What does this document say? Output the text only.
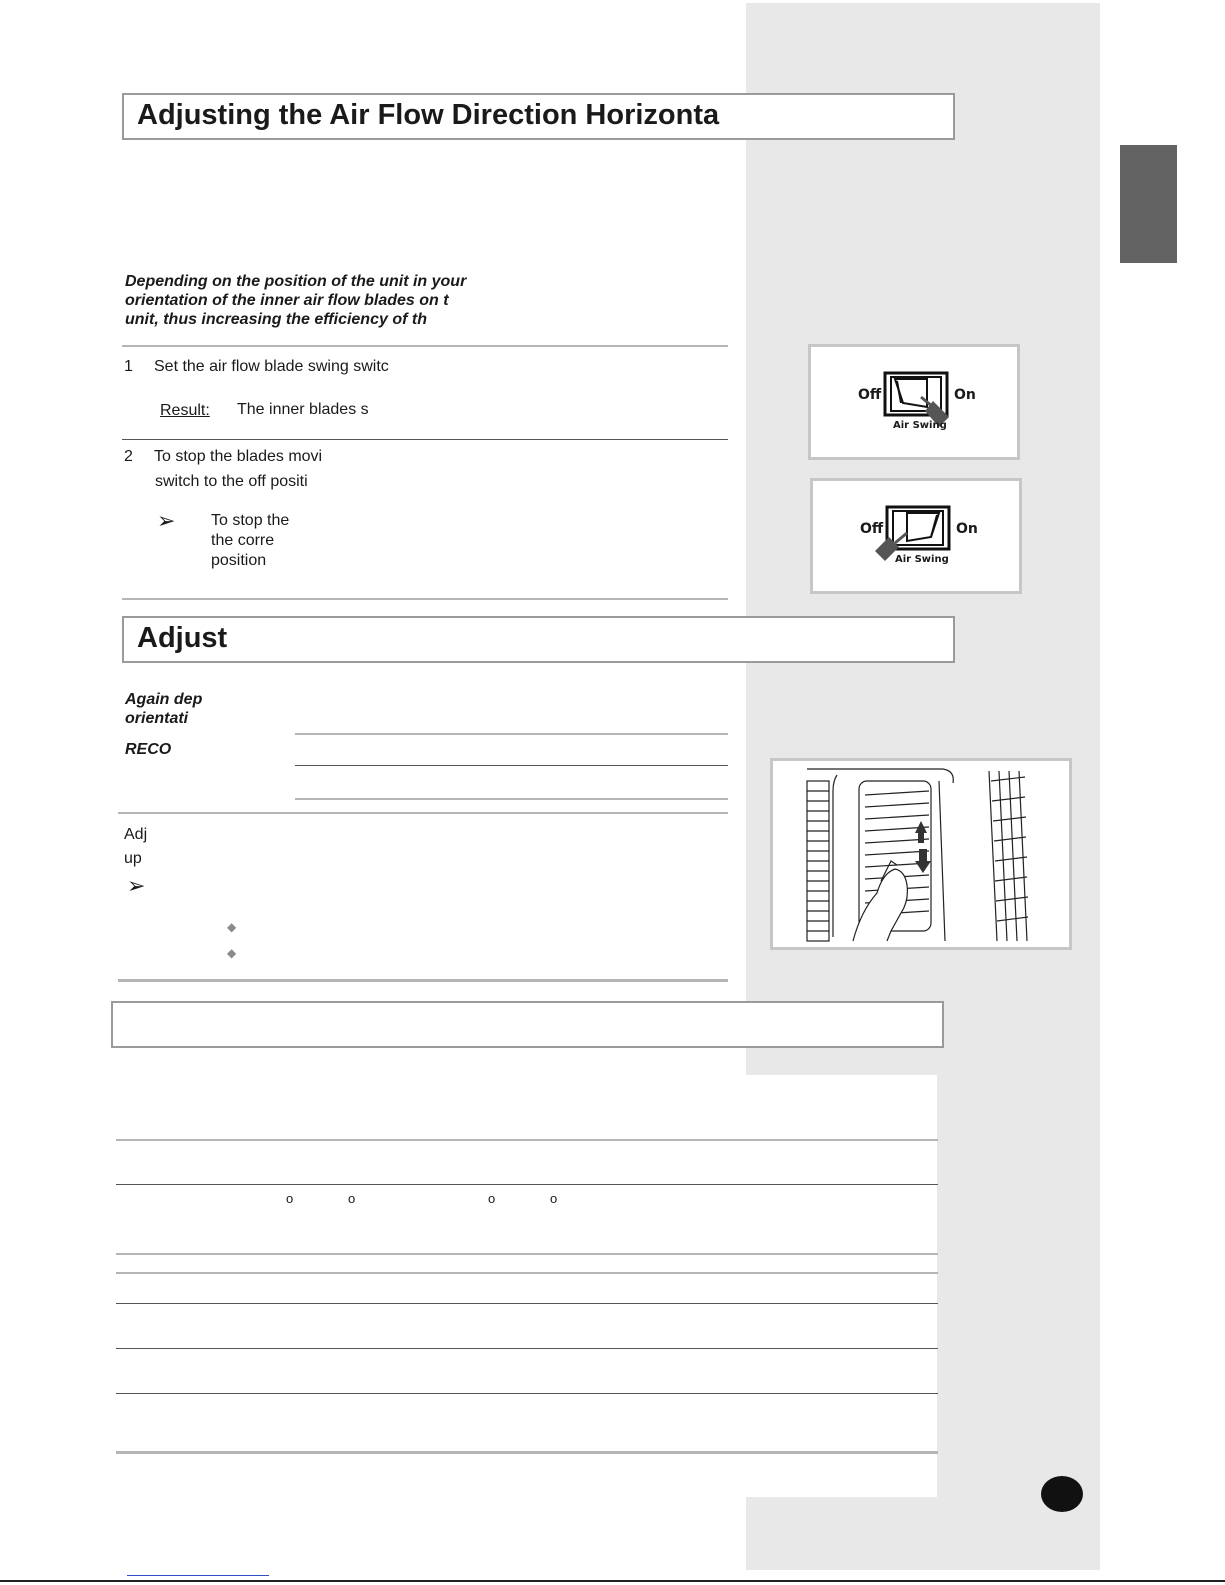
Adjusting the Air Flow Direction Horizonta
Depending on the position of the unit in your
orientation of the inner air flow blades on t
unit, thus increasing the efficiency of th
1 Set the air flow blade swing switc
Result: The inner blades s
2 To stop the blades movi
switch to the off positi
➢ To stop the
the corre
position
Off	On
Air Swing
Off	On
Air Swing
Adjust
Again dep
orientati
RECO
Adj
up
➢
◆
◆
o	o	o	o
